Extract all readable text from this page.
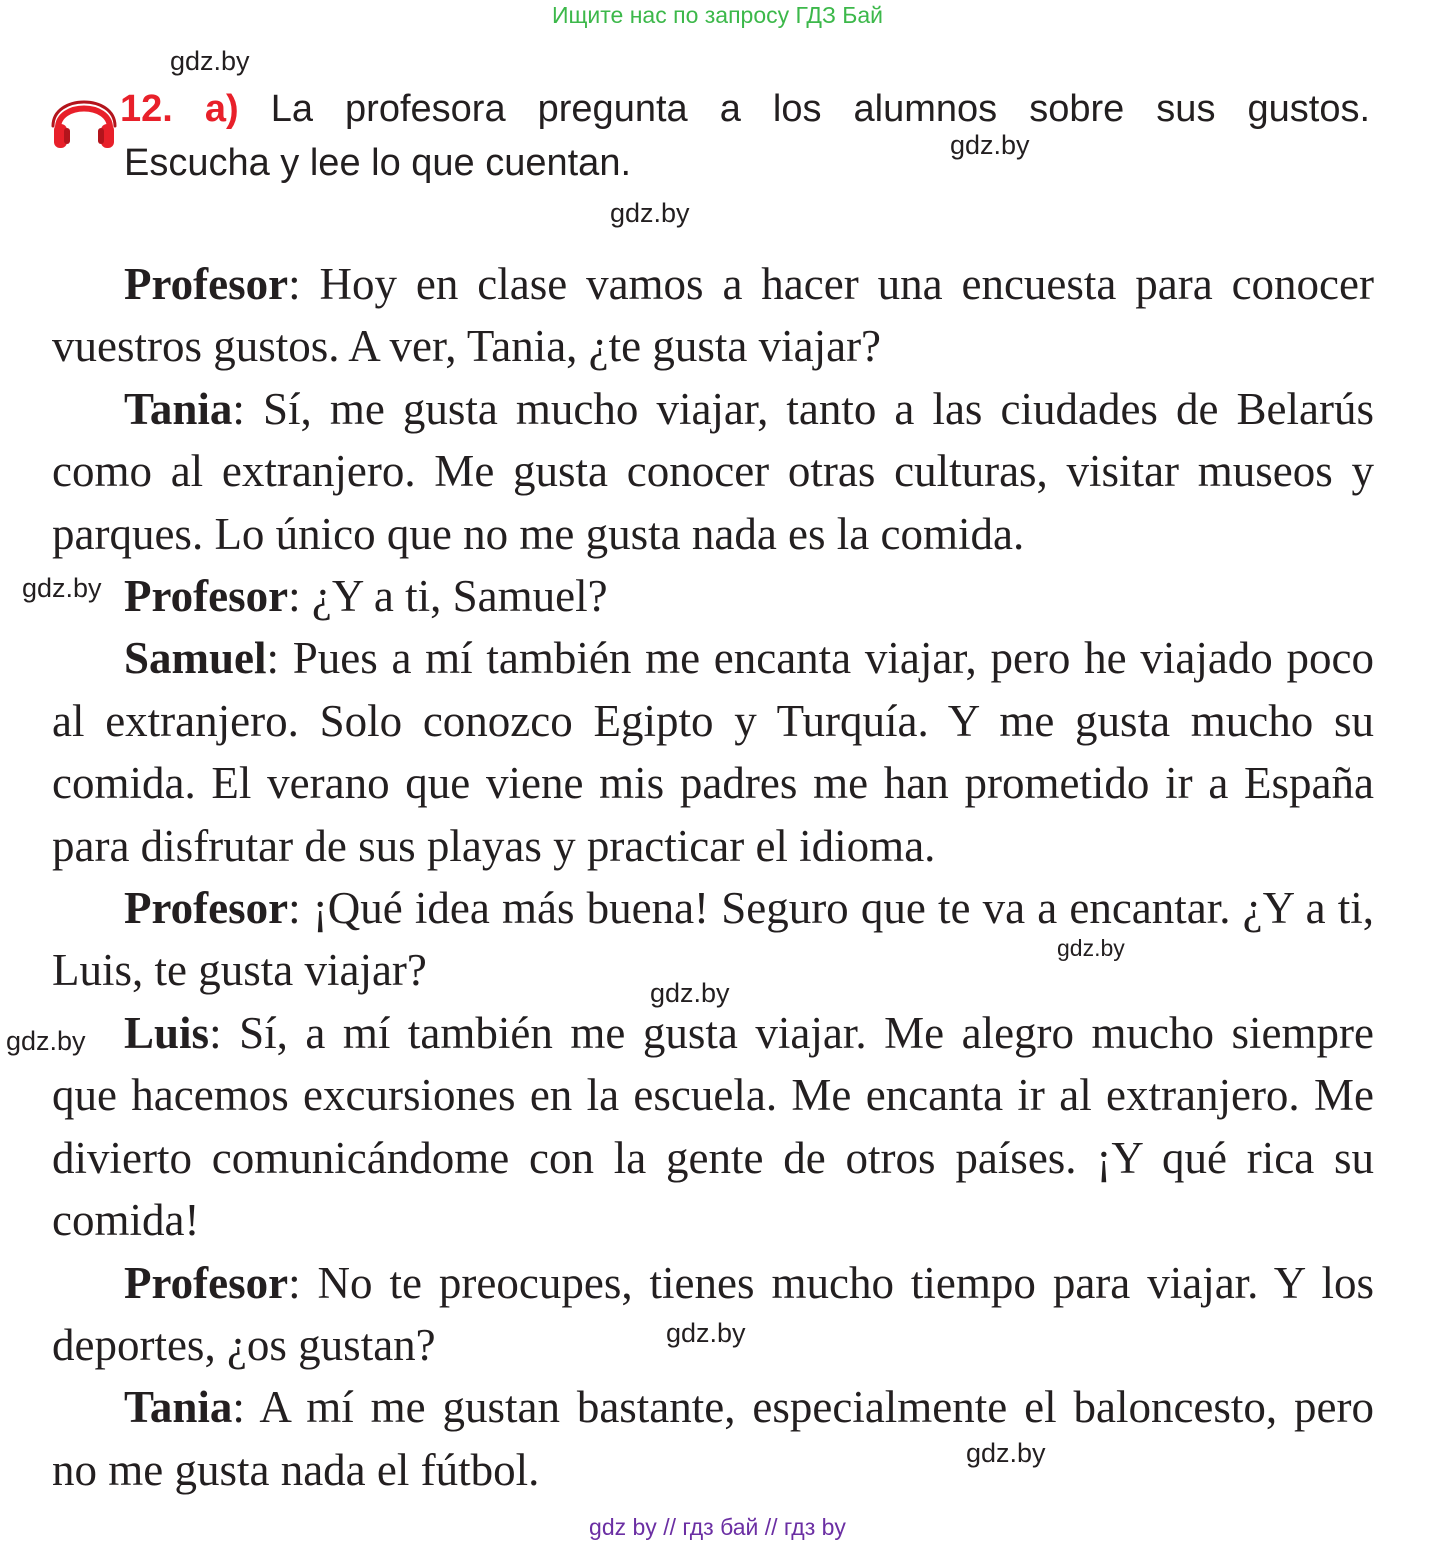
Ищите нас по запросу ГДЗ Бай
gdz.by
gdz.by
gdz.by
gdz.by
gdz.by
gdz.by
gdz.by
gdz.by
gdz.by
12. a) La profesora pregunta a los alumnos sobre sus gustos.
Escucha y lee lo que cuentan.

Profesor: Hoy en clase vamos a hacer una encuesta para conocer vuestros gustos. A ver, Tania, ¿te gusta viajar?

Tania: Sí, me gusta mucho viajar, tanto a las ciudades de Belarús como al extranjero. Me gusta conocer otras culturas, visitar museos y parques. Lo único que no me gusta nada es la comida.

Profesor: ¿Y a ti, Samuel?

Samuel: Pues a mí también me encanta viajar, pero he viajado poco al extranjero. Solo conozco Egipto y Turquía. Y me gusta mucho su comida. El verano que viene mis padres me han prometido ir a España para disfrutar de sus playas y practicar el idioma.

Profesor: ¡Qué idea más buena! Seguro que te va a encantar. ¿Y a ti, Luis, te gusta viajar?

Luis: Sí, a mí también me gusta viajar. Me alegro mucho siempre que hacemos excursiones en la escuela. Me encanta ir al extranjero. Me divierto comunicándome con la gente de otros países. ¡Y qué rica su comida!

Profesor: No te preocupes, tienes mucho tiempo para viajar. Y los deportes, ¿os gustan?

Tania: A mí me gustan bastante, especialmente el baloncesto, pero no me gusta nada el fútbol.

gdz by // гдз бай // гдз by
